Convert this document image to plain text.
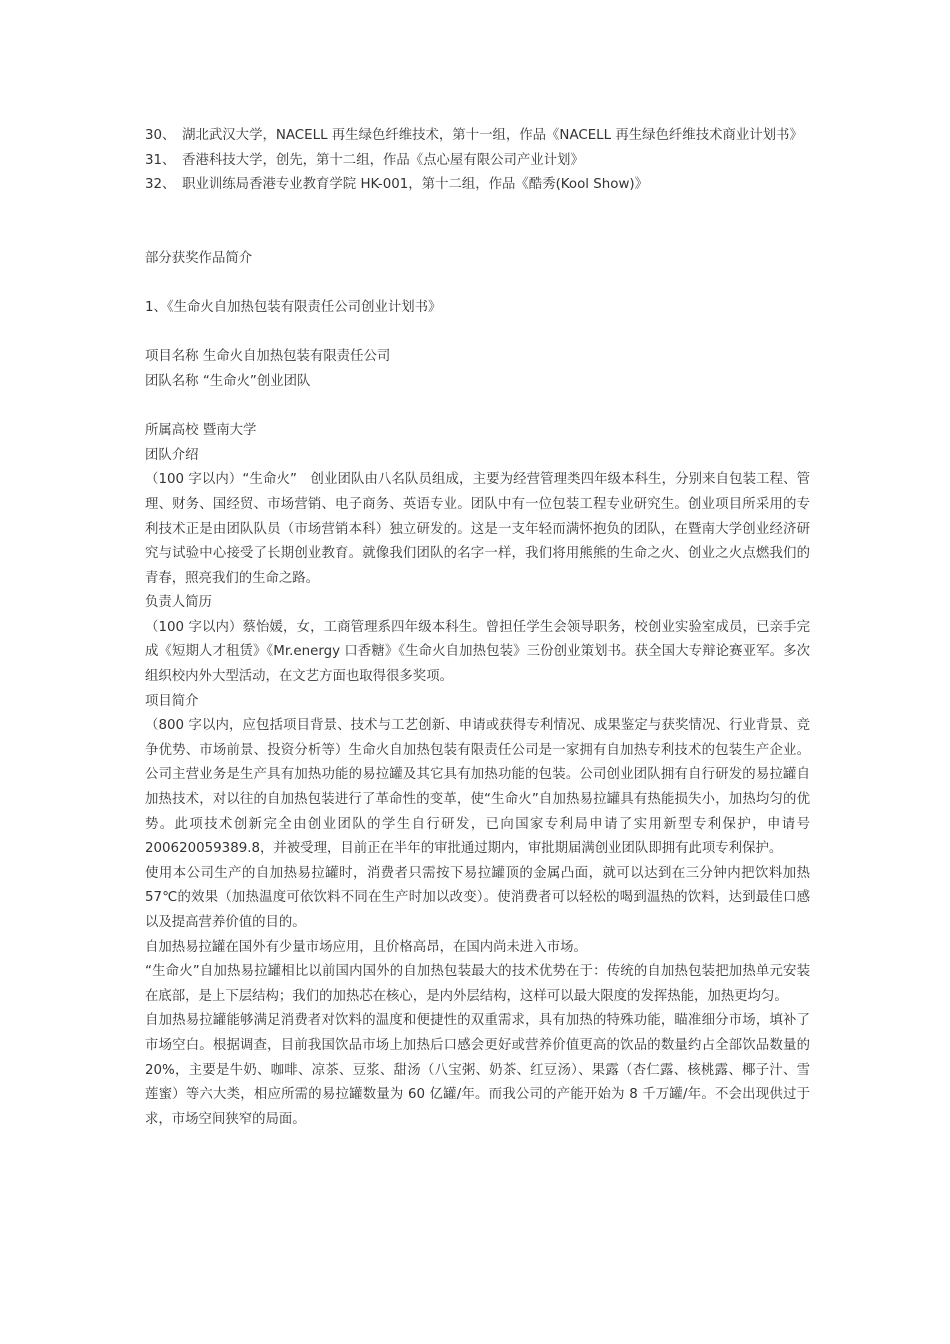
30、　湖北武汉大学，NACELL 再生绿色纤维技术，第十一组，作品《NACELL 再生绿色纤维技术商业计划书》

31、　香港科技大学，创先，第十二组，作品《点心屋有限公司产业计划》

32、　职业训练局香港专业教育学院 HK-001，第十二组，作品《酷秀(Kool Show)》

部分获奖作品简介

1、《生命火自加热包装有限责任公司创业计划书》

项目名称 生命火自加热包装有限责任公司

团队名称 “生命火”创业团队

所属高校 暨南大学

团队介绍

（100 字以内）“生命火”　创业团队由八名队员组成，主要为经营管理类四年级本科生，分别来自包装工程、管理、财务、国经贸、市场营销、电子商务、英语专业。团队中有一位包装工程专业研究生。创业项目所采用的专利技术正是由团队队员（市场营销本科）独立研发的。这是一支年轻而满怀抱负的团队，在暨南大学创业经济研究与试验中心接受了长期创业教育。就像我们团队的名字一样，我们将用熊熊的生命之火、创业之火点燃我们的青春，照亮我们的生命之路。

负责人简历

（100 字以内）蔡怡媛，女，工商管理系四年级本科生。曾担任学生会领导职务，校创业实验室成员，已亲手完成《短期人才租赁》《Mr.energy 口香糖》《生命火自加热包装》三份创业策划书。获全国大专辩论赛亚军。多次组织校内外大型活动，在文艺方面也取得很多奖项。

项目简介

（800 字以内，应包括项目背景、技术与工艺创新、申请或获得专利情况、成果鉴定与获奖情况、行业背景、竞争优势、市场前景、投资分析等）生命火自加热包装有限责任公司是一家拥有自加热专利技术的包装生产企业。公司主营业务是生产具有加热功能的易拉罐及其它具有加热功能的包装。公司创业团队拥有自行研发的易拉罐自加热技术，对以往的自加热包装进行了革命性的变革，使“生命火”自加热易拉罐具有热能损失小，加热均匀的优势。此项技术创新完全由创业团队的学生自行研发，已向国家专利局申请了实用新型专利保护，申请号 200620059389.8，并被受理，目前正在半年的审批通过期内，审批期届满创业团队即拥有此项专利保护。

使用本公司生产的自加热易拉罐时，消费者只需按下易拉罐顶的金属凸面，就可以达到在三分钟内把饮料加热 57℃的效果（加热温度可依饮料不同在生产时加以改变）。使消费者可以轻松的喝到温热的饮料，达到最佳口感以及提高营养价值的目的。

自加热易拉罐在国外有少量市场应用，且价格高昂，在国内尚未进入市场。

“生命火”自加热易拉罐相比以前国内国外的自加热包装最大的技术优势在于：传统的自加热包装把加热单元安装在底部，是上下层结构；我们的加热芯在核心，是内外层结构，这样可以最大限度的发挥热能，加热更均匀。

自加热易拉罐能够满足消费者对饮料的温度和便捷性的双重需求，具有加热的特殊功能，瞄准细分市场，填补了市场空白。根据调查，目前我国饮品市场上加热后口感会更好或营养价值更高的饮品的数量约占全部饮品数量的 20%，主要是牛奶、咖啡、凉茶、豆浆、甜汤（八宝粥、奶茶、红豆汤）、果露（杏仁露、核桃露、椰子汁、雪莲蜜）等六大类，相应所需的易拉罐数量为 60 亿罐/年。而我公司的产能开始为 8 千万罐/年。不会出现供过于求，市场空间狭窄的局面。
